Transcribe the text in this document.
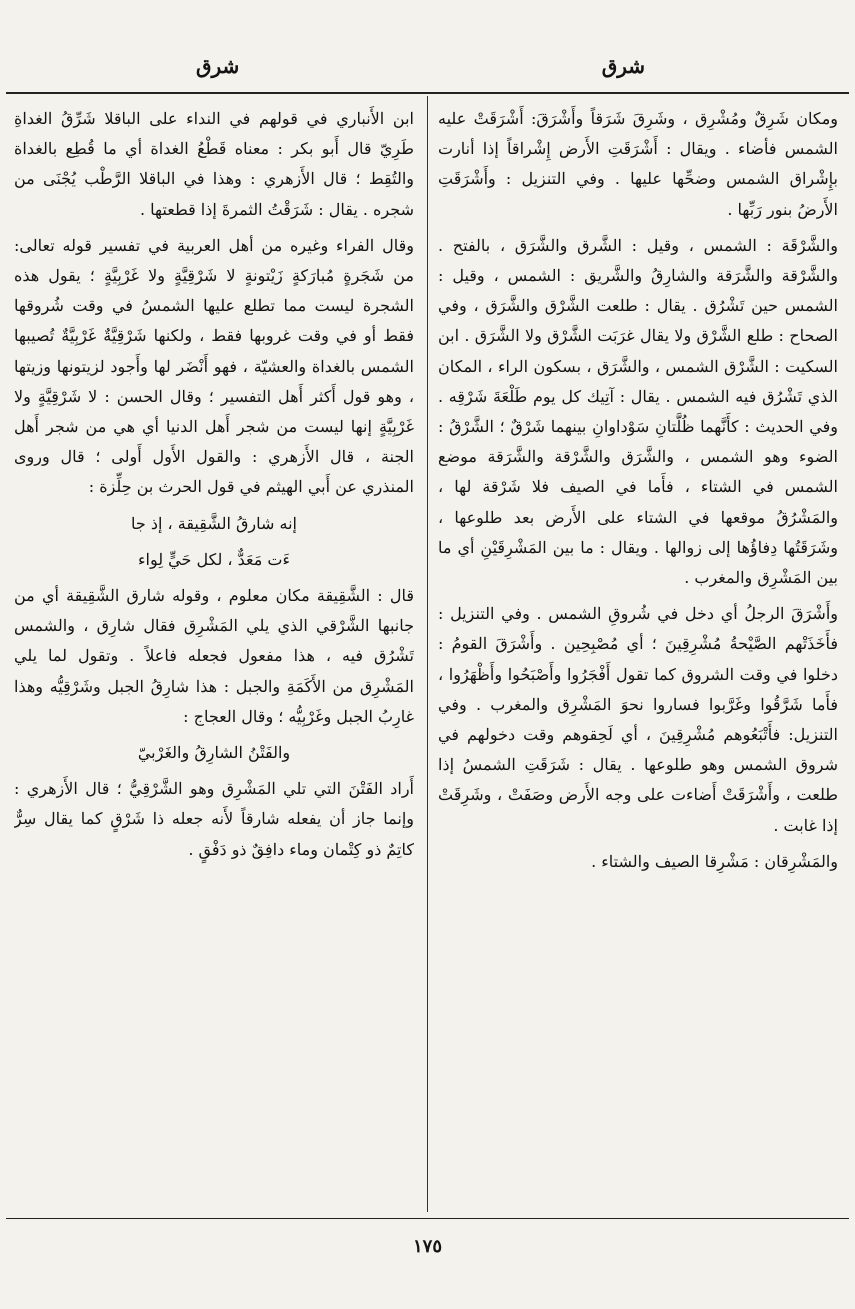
شرق
شرق

ومكان شَرِقٌ ومُشْرِق ، وشَرِقَ شَرَقاً وأَشْرَقَ: أَشْرَقَتْ عليه الشمس فأضاء . ويقال : أَشْرَقَتِ الأَرض إِشْراقاً إذا أنارت بإِشْراق الشمس وضحِّها عليها . وفي التنزيل : وأَشْرَقَتِ الأَرضُ بنور رَبِّها .

والشَّرْقَة : الشمس ، وقيل : الشَّرق والشَّرَق ، بالفتح . والشَّرْقة والشَّرَقة والشارِقُ والشَّريق : الشمس ، وقيل : الشمس حين تَشْرُق . يقال : طلعت الشَّرْق والشَّرَق ، وفي الصحاح : طلع الشَّرْق ولا يقال غرَبَت الشَّرْق ولا الشَّرَق . ابن السكيت : الشَّرْق الشمس ، والشَّرَق ، بسكون الراء ، المكان الذي تَشْرُق فيه الشمس . يقال : آتِيك كل يوم طَلْعَةَ شَرْقِه . وفي الحديث : كأَنَّهما ظُلَّتانِ سَوْداوانِ بينهما شَرْقٌ ؛ الشَّرْقُ : الضوء وهو الشمس ، والشَّرَق والشَّرْقة والشَّرَقة موضع الشمس في الشتاء ، فأَما في الصيف فلا شَرْقة لها ، والمَشْرُقُ موقعها في الشتاء على الأَرض بعد طلوعها ، وشَرَقَتُها دِفاؤُها إلى زوالها . ويقال : ما بين المَشْرِقَيْنِ أي ما بين المَشْرِق والمغرب .

وأَشْرَقَ الرجلُ أي دخل في شُروقِ الشمس . وفي التنزيل : فأَخَذَتْهم الصَّيْحةُ مُشْرِقِينَ ؛ أي مُصْبِحِين . وأَشْرَقَ القومُ : دخلوا في وقت الشروق كما تقول أَفْجَرُوا وأَصْبَحُوا وأَظْهَرُوا ، فأَما شَرَّقُوا وغَرَّبوا فساروا نحوَ المَشْرِق والمغرب . وفي التنزيل: فأَتْبَعُوهم مُشْرِقِينَ ، أي لَحِقوهم وقت دخولهم في شروق الشمس وهو طلوعها . يقال : شَرَقَتِ الشمسُ إذا طلعت ، وأَشْرَقَتْ أَضاءت على وجه الأَرض وصَفَتْ ، وشَرِقَتْ إذا غابت .

والمَشْرِقان : مَشْرِقا الصيف والشتاء .

ابن الأَنباري في قولهم في النداء على الباقلا شَرِّقُ الغداةِ طَرِيّ قال أَبو بكر : معناه قَطْعُ الغداة أي ما قُطِع بالغداة والتُقِط ؛ قال الأَزهري : وهذا في الباقلا الرَّطْب يُجْنَى من شجره . يقال : شَرَقْتُ الثمرةَ إذا قطعتها .

وقال الفراء وغيره من أهل العربية في تفسير قوله تعالى: من شَجَرةٍ مُبارَكةٍ زَيْتونةٍ لا شَرْقِيَّةٍ ولا غَرْبِيَّةٍ ؛ يقول هذه الشجرة ليست مما تطلع عليها الشمسُ في وقت شُروقها فقط أو في وقت غروبها فقط ، ولكنها شَرْقِيَّةٌ غَرْبِيَّةٌ تُصيبها الشمس بالغداة والعشيّة ، فهو أَنْضَر لها وأَجود لزيتونها وزيتها ، وهو قول أَكثر أَهل التفسير ؛ وقال الحسن : لا شَرْقِيَّةٍ ولا غَرْبِيَّةٍ إنها ليست من شجر أَهل الدنيا أي هي من شجر أَهل الجنة ، قال الأَزهري : والقول الأَول أَولى ؛ قال وروى المنذري عن أَبي الهيثم في قول الحرث بن حِلِّزة :

إنه شارقُ الشَّقِيقة ، إذ جا

ءَت مَعَدٌّ ، لكل حَيٍّ لِواء

قال : الشَّقِيقة مكان معلوم ، وقوله شارق الشَّقِيقة أي من جانبها الشَّرْقي الذي يلي المَشْرِق فقال شارِق ، والشمس تَشْرُق فيه ، هذا مفعول فجعله فاعلاً . وتقول لما يلي المَشْرِق من الأَكَمَةِ والجبل : هذا شارِقُ الجبل وشَرْقِيُّه وهذا غارِبُ الجبل وغَرْبِيُّه ؛ وقال العجاج :

والفَتْنُ الشارِقُ والغَرْبيّ

أَراد الفَتْنَ التي تلي المَشْرِق وهو الشَّرْقِيُّ ؛ قال الأَزهري : وإنما جاز أن يفعله شارقاً لأَنه جعله ذا شَرْقٍ كما يقال سِرٌّ كاتِمٌ ذو كِتْمان وماء دافِقٌ ذو دَفْقٍ .

١٧٥
